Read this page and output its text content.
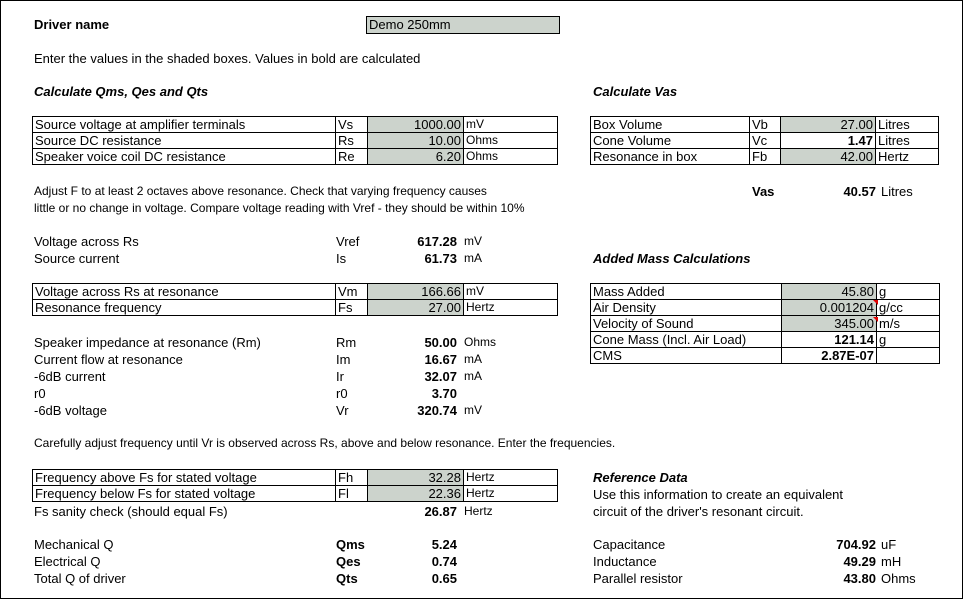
Driver name	Demo 250mm
Enter the values in the shaded boxes. Values in bold are calculated
Calculate Qms, Qes and Qts
Source voltage at amplifier terminals	Vs	1000.00	mV
Source DC resistance	Rs	10.00	Ohms
Speaker voice coil DC resistance	Re	6.20	Ohms
Adjust F to at least 2 octaves above resonance. Check that varying frequency causes
little or no change in voltage. Compare voltage reading with Vref - they should be within 10%
Voltage across Rs	Vref	617.28 mV
Source current	Is	61.73 mA
Voltage across Rs at resonance	Vm	166.66	mV
Resonance frequency	Fs	27.00	Hertz
Speaker impedance at resonance (Rm)	Rm	50.00 Ohms
Current flow at resonance	Im	16.67 mA
-6dB current	Ir	32.07 mA
r0	r0	3.70
-6dB voltage	Vr	320.74 mV
Carefully adjust frequency until Vr is observed across Rs, above and below resonance. Enter the frequencies.
Frequency above Fs for stated voltage	Fh	32.28	Hertz
Frequency below Fs for stated voltage	Fl	22.36	Hertz
Fs sanity check (should equal Fs)	26.87 Hertz
Mechanical Q	Qms	5.24
Electrical Q	Qes	0.74
Total Q of driver	Qts	0.65
Calculate Vas
Box Volume	Vb	27.00	Litres
Cone Volume	Vc	1.47	Litres
Resonance in box	Fb	42.00	Hertz
Vas	40.57 Litres
Added Mass Calculations
Mass Added	45.80	g
Air Density	0.001204	g/cc
Velocity of Sound	345.00	m/s
Cone Mass (Incl. Air Load)	121.14	g
CMS	2.87E-07	
Reference Data
Use this information to create an equivalent
circuit of the driver's resonant circuit.
Capacitance	704.92 uF
Inductance	49.29 mH
Parallel resistor	43.80 Ohms
